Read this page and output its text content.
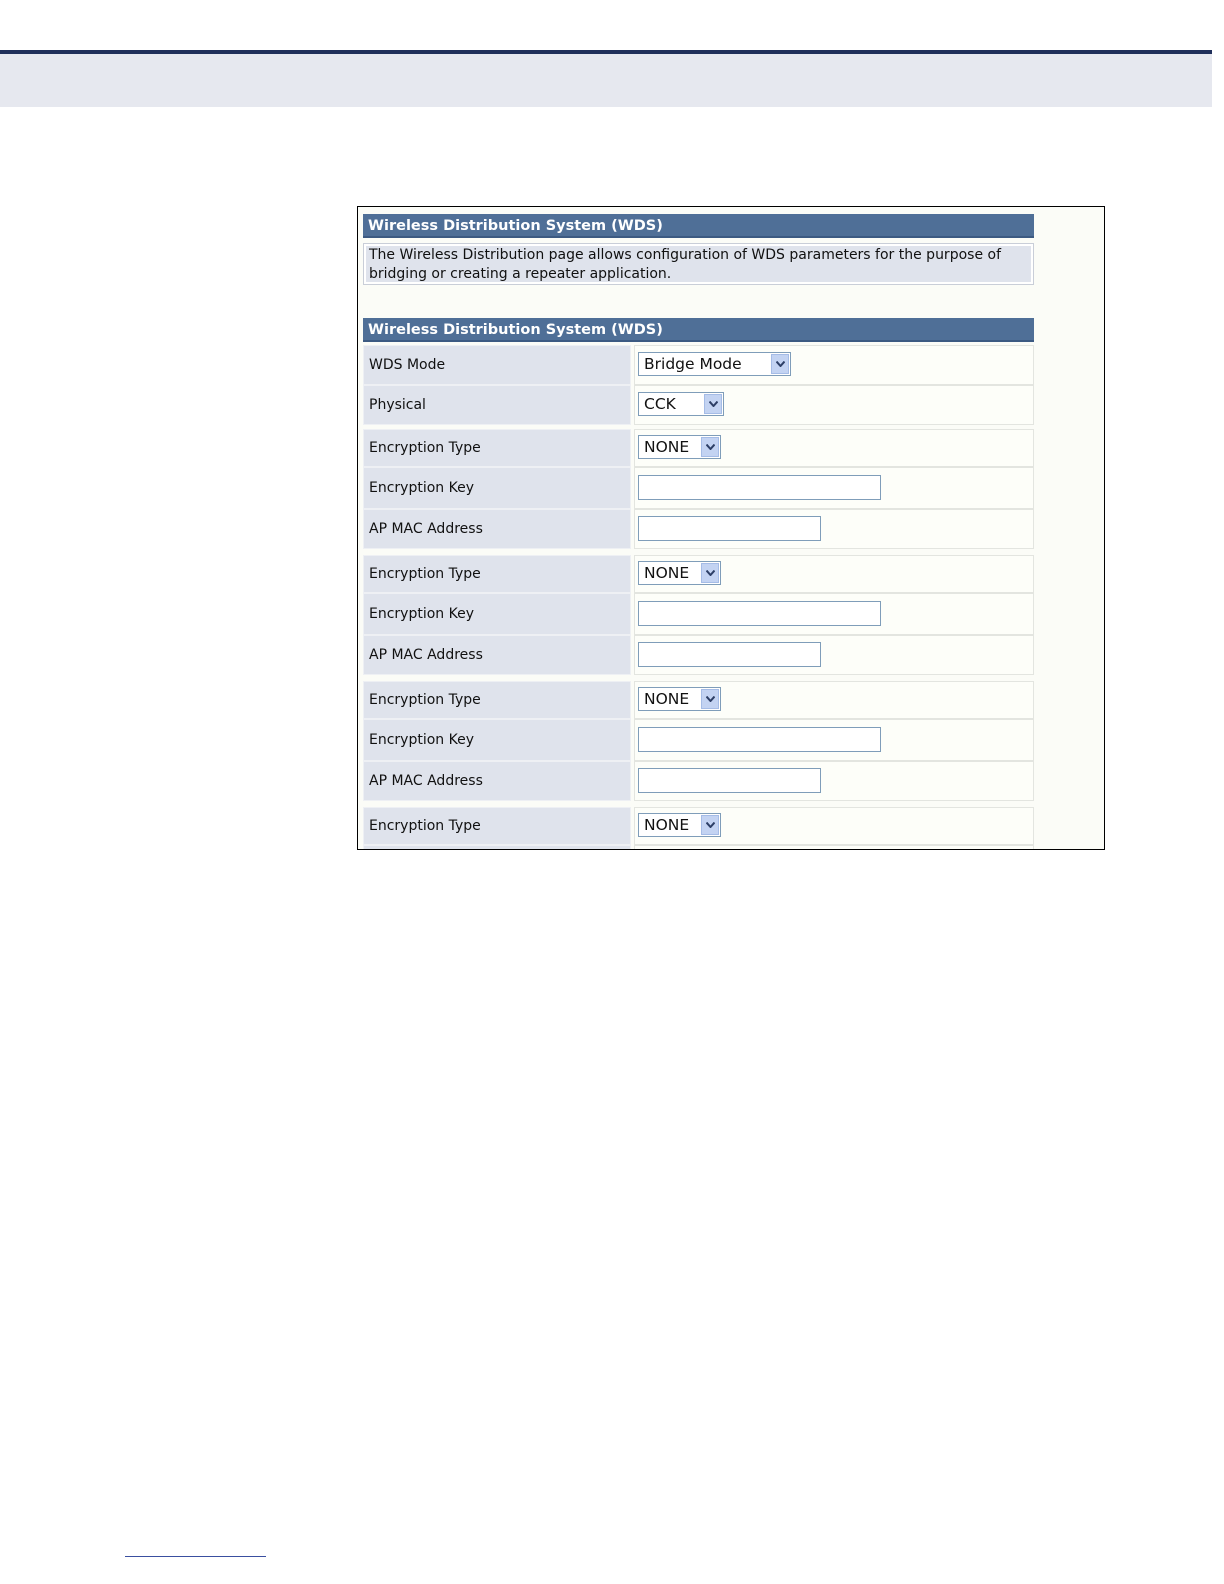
Wireless Distribution System (WDS)
The Wireless Distribution page allows configuration of WDS parameters for the purpose of
bridging or creating a repeater application.
Wireless Distribution System (WDS)
WDS Mode	Bridge Mode
Physical	CCK
Encryption Type	NONE
Encryption Key
AP MAC Address
Encryption Type	NONE
Encryption Key
AP MAC Address
Encryption Type	NONE
Encryption Key
AP MAC Address
Encryption Type	NONE
